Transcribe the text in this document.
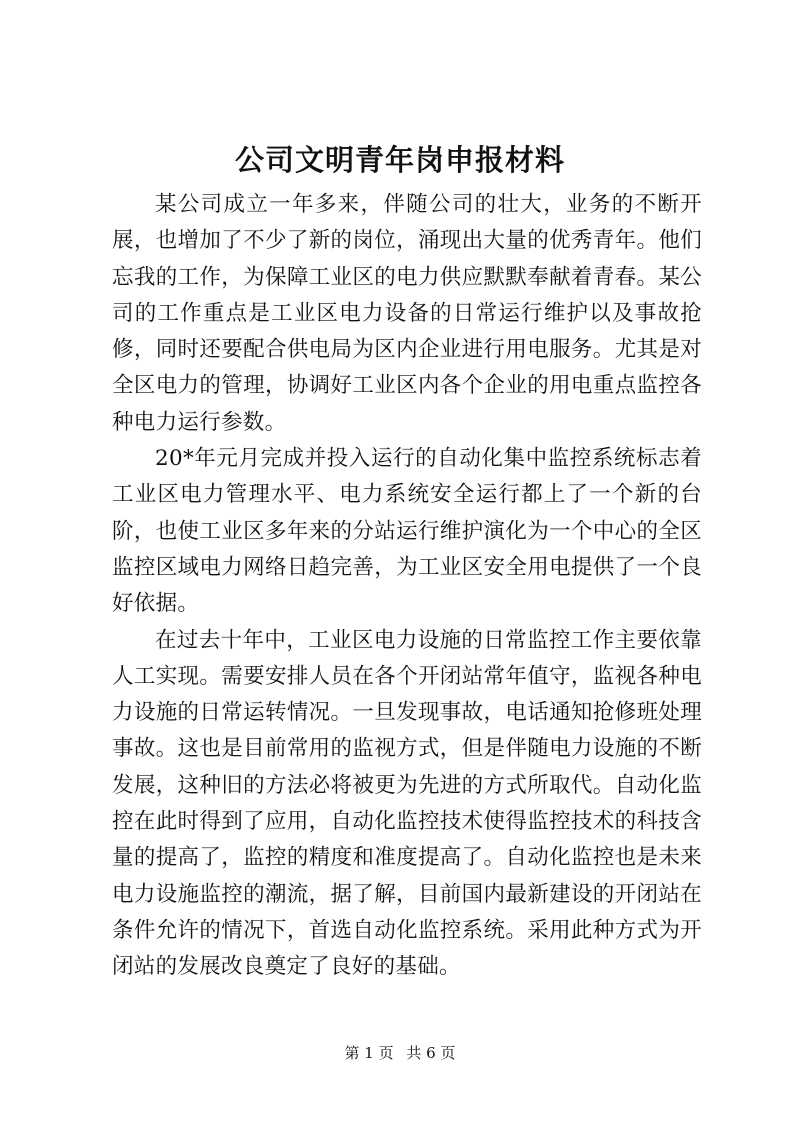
公司文明青年岗申报材料

某公司成立一年多来，伴随公司的壮大，业务的不断开展，也增加了不少了新的岗位，涌现出大量的优秀青年。他们忘我的工作，为保障工业区的电力供应默默奉献着青春。某公司的工作重点是工业区电力设备的日常运行维护以及事故抢修，同时还要配合供电局为区内企业进行用电服务。尤其是对全区电力的管理，协调好工业区内各个企业的用电重点监控各种电力运行参数。

20*年元月完成并投入运行的自动化集中监控系统标志着工业区电力管理水平、电力系统安全运行都上了一个新的台阶，也使工业区多年来的分站运行维护演化为一个中心的全区监控区域电力网络日趋完善，为工业区安全用电提供了一个良好依据。

在过去十年中，工业区电力设施的日常监控工作主要依靠人工实现。需要安排人员在各个开闭站常年值守，监视各种电力设施的日常运转情况。一旦发现事故，电话通知抢修班处理事故。这也是目前常用的监视方式，但是伴随电力设施的不断发展，这种旧的方法必将被更为先进的方式所取代。自动化监控在此时得到了应用，自动化监控技术使得监控技术的科技含量的提高了，监控的精度和准度提高了。自动化监控也是未来电力设施监控的潮流，据了解，目前国内最新建设的开闭站在条件允许的情况下，首选自动化监控系统。采用此种方式为开闭站的发展改良奠定了良好的基础。

第 1 页 共 6 页
